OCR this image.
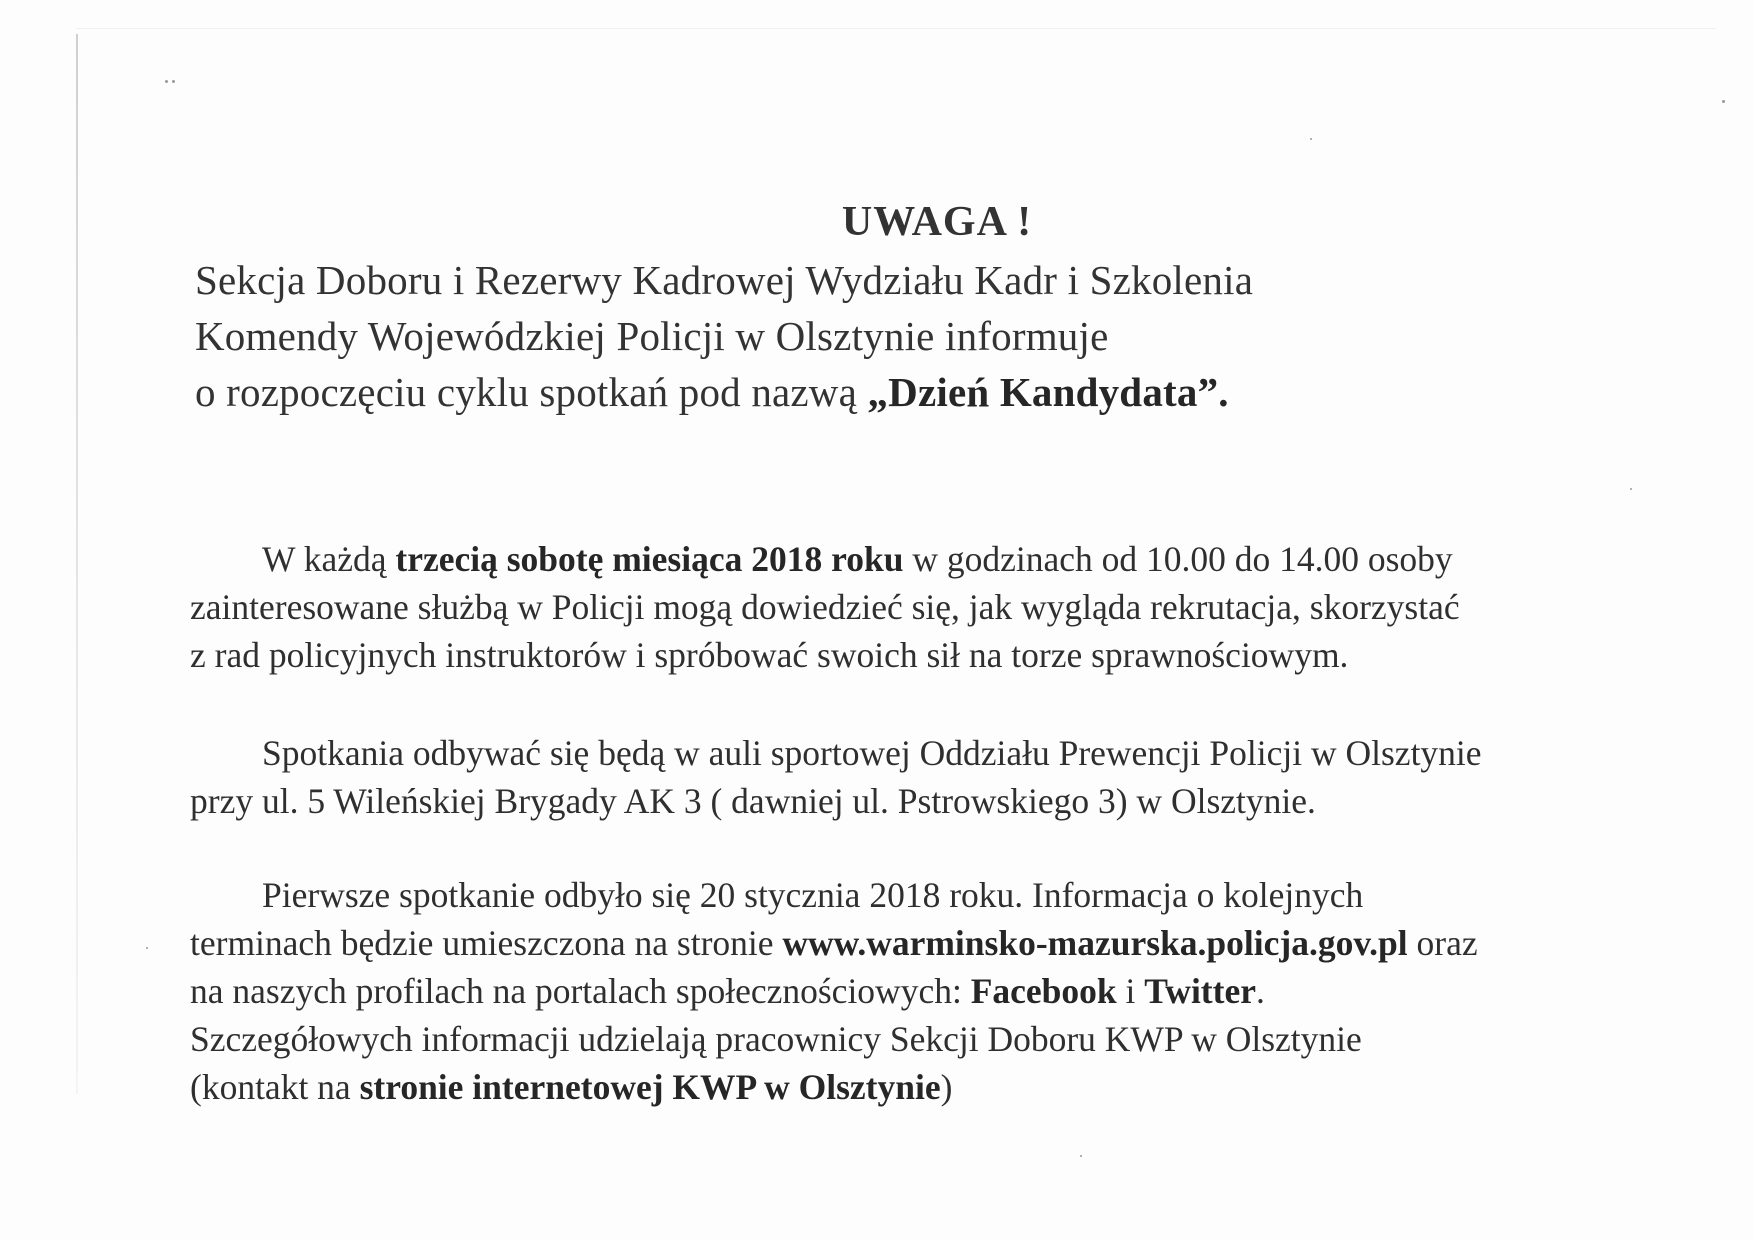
UWAGA !
Sekcja Doboru i Rezerwy Kadrowej Wydziału Kadr i Szkolenia
Komendy Wojewódzkiej Policji w Olsztynie informuje
o rozpoczęciu cyklu spotkań pod nazwą „Dzień Kandydata”.
W każdą trzecią sobotę miesiąca 2018 roku w godzinach od 10.00 do 14.00 osoby
zainteresowane służbą w Policji mogą dowiedzieć się, jak wygląda rekrutacja, skorzystać
z rad policyjnych instruktorów i spróbować swoich sił na torze sprawnościowym.
Spotkania odbywać się będą w auli sportowej Oddziału Prewencji Policji w Olsztynie
przy ul. 5 Wileńskiej Brygady AK 3 ( dawniej ul. Pstrowskiego 3) w Olsztynie.
Pierwsze spotkanie odbyło się 20 stycznia 2018 roku. Informacja o kolejnych
terminach będzie umieszczona na stronie www.warminsko-mazurska.policja.gov.pl oraz
na naszych profilach na portalach społecznościowych: Facebook i Twitter.
Szczegółowych informacji udzielają pracownicy Sekcji Doboru KWP w Olsztynie
(kontakt na stronie internetowej KWP w Olsztynie)
